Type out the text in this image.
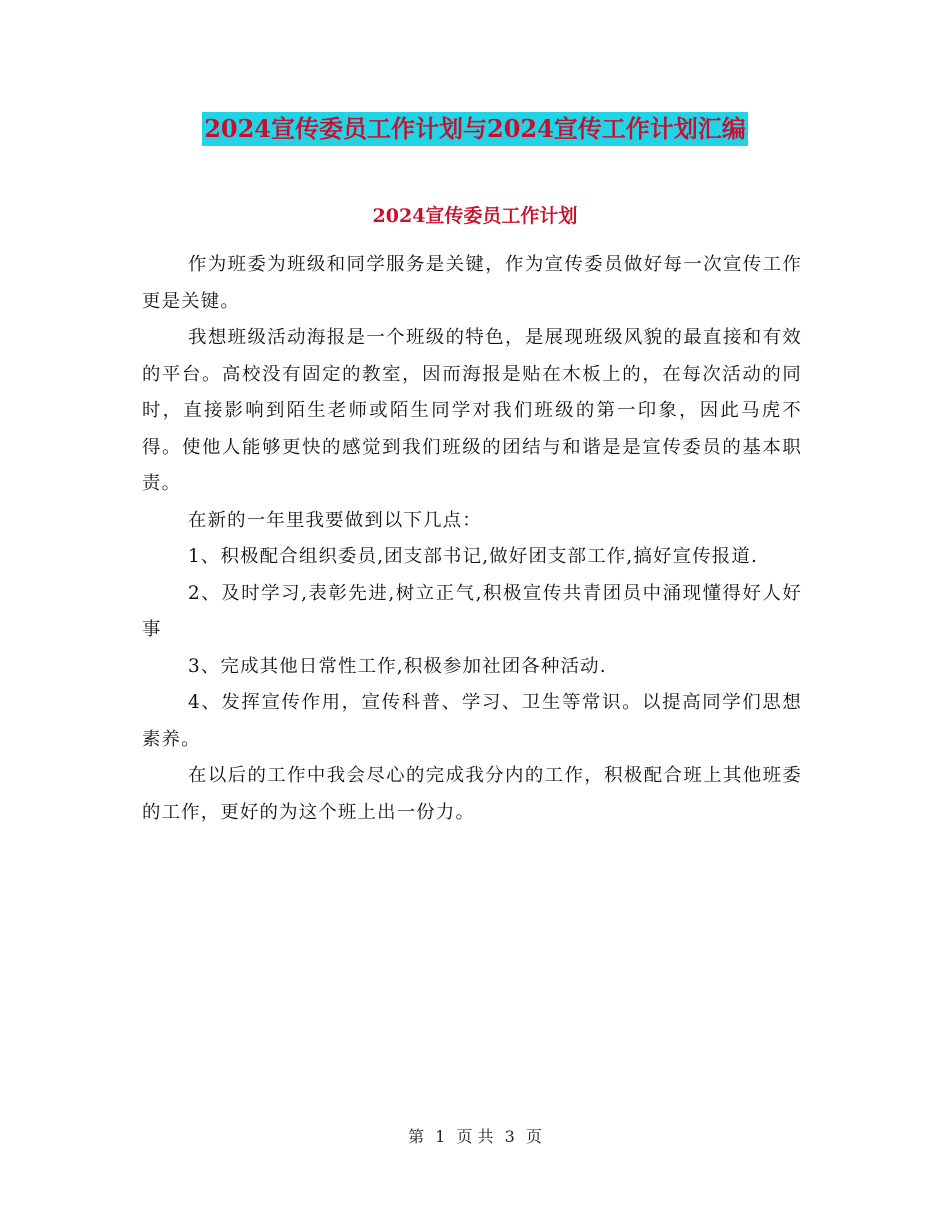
2024宣传委员工作计划与2024宣传工作计划汇编
2024宣传委员工作计划

作为班委为班级和同学服务是关键，作为宣传委员做好每一次宣传工作更是关键。

我想班级活动海报是一个班级的特色，是展现班级风貌的最直接和有效的平台。高校没有固定的教室，因而海报是贴在木板上的，在每次活动的同时，直接影响到陌生老师或陌生同学对我们班级的第一印象，因此马虎不得。使他人能够更快的感觉到我们班级的团结与和谐是是宣传委员的基本职责。

在新的一年里我要做到以下几点：

1、积极配合组织委员,团支部书记,做好团支部工作,搞好宣传报道.

2、及时学习,表彰先进,树立正气,积极宣传共青团员中涌现懂得好人好事

3、完成其他日常性工作,积极参加社团各种活动.

4、发挥宣传作用，宣传科普、学习、卫生等常识。以提高同学们思想素养。

在以后的工作中我会尽心的完成我分内的工作，积极配合班上其他班委的工作，更好的为这个班上出一份力。

第 1 页 共 3 页
